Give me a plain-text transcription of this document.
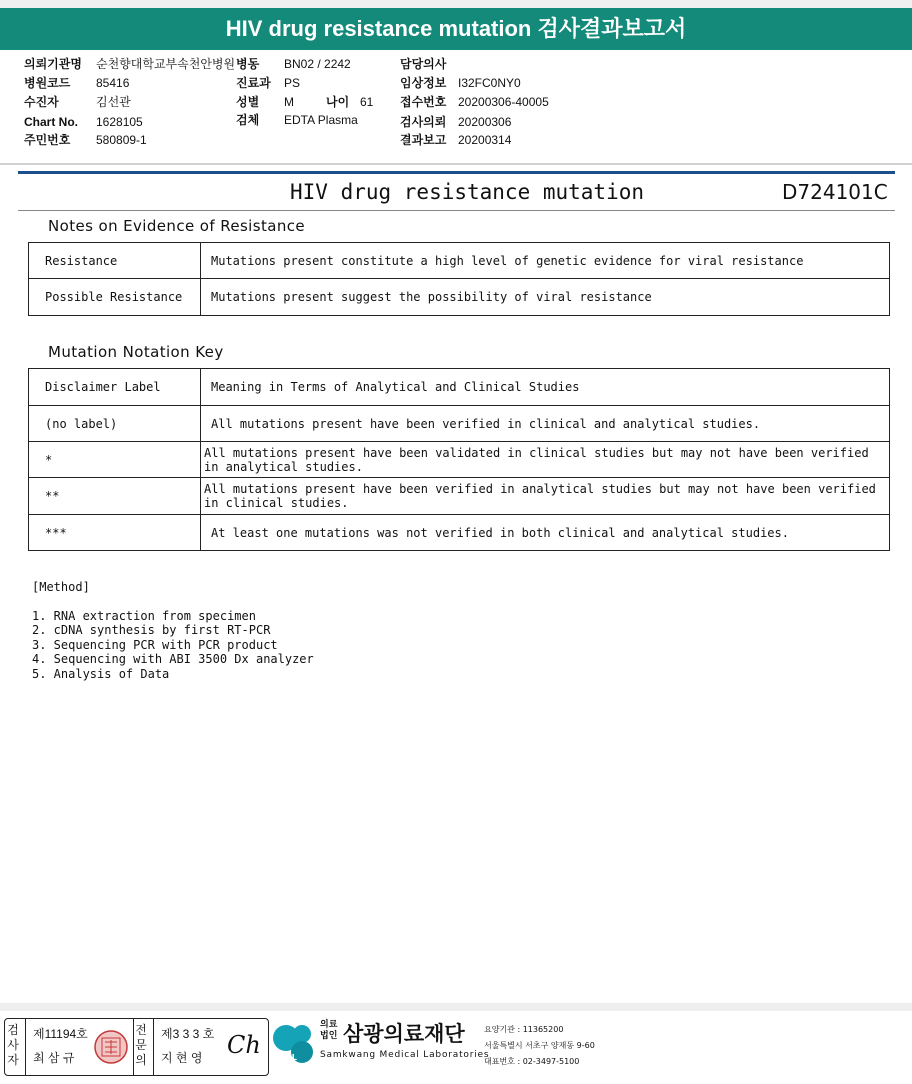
HIV drug resistance mutation 검사결과보고서
의뢰기관명 순천향대학교부속천안병원
병원코드 85416
수진자	김선관
Chart No. 1628105
주민번호 580809-1
병동 BN02 / 2242
진료과 PS
성별 M	나이 61
검체 EDTA Plasma
담당의사
임상정보 I32FC0NY0
접수번호 20200306-40005
검사의뢰 20200306
결과보고 20200314
HIV drug resistance mutation	D724101C
Notes on Evidence of Resistance
Resistance	Mutations present constitute a high level of genetic evidence for viral resistance
Possible Resistance	Mutations present suggest the possibility of viral resistance
Mutation Notation Key
Disclaimer Label	Meaning in Terms of Analytical and Clinical Studies
(no label)	All mutations present have been verified in clinical and analytical studies.
*	All mutations present have been validated in clinical studies but may not have been verified in analytical studies.
**	All mutations present have been verified in analytical studies but may not have been verified in clinical studies.
***	At least one mutations was not verified in both clinical and analytical studies.
[Method]
1. RNA extraction from specimen
2. cDNA synthesis by first RT-PCR
3. Sequencing PCR with PCR product
4. Sequencing with ABI 3500 Dx analyzer
5. Analysis of Data
검사자
제11194호
최 삼 규
전문의
제3 3 3 호
지 현 영 Ch SML
의료
법인 삼광의료재단
Samkwang Medical Laboratories
요양기관 : 11365200
서울특별시 서초구 양재동 9-60
대표번호 : 02-3497-5100
